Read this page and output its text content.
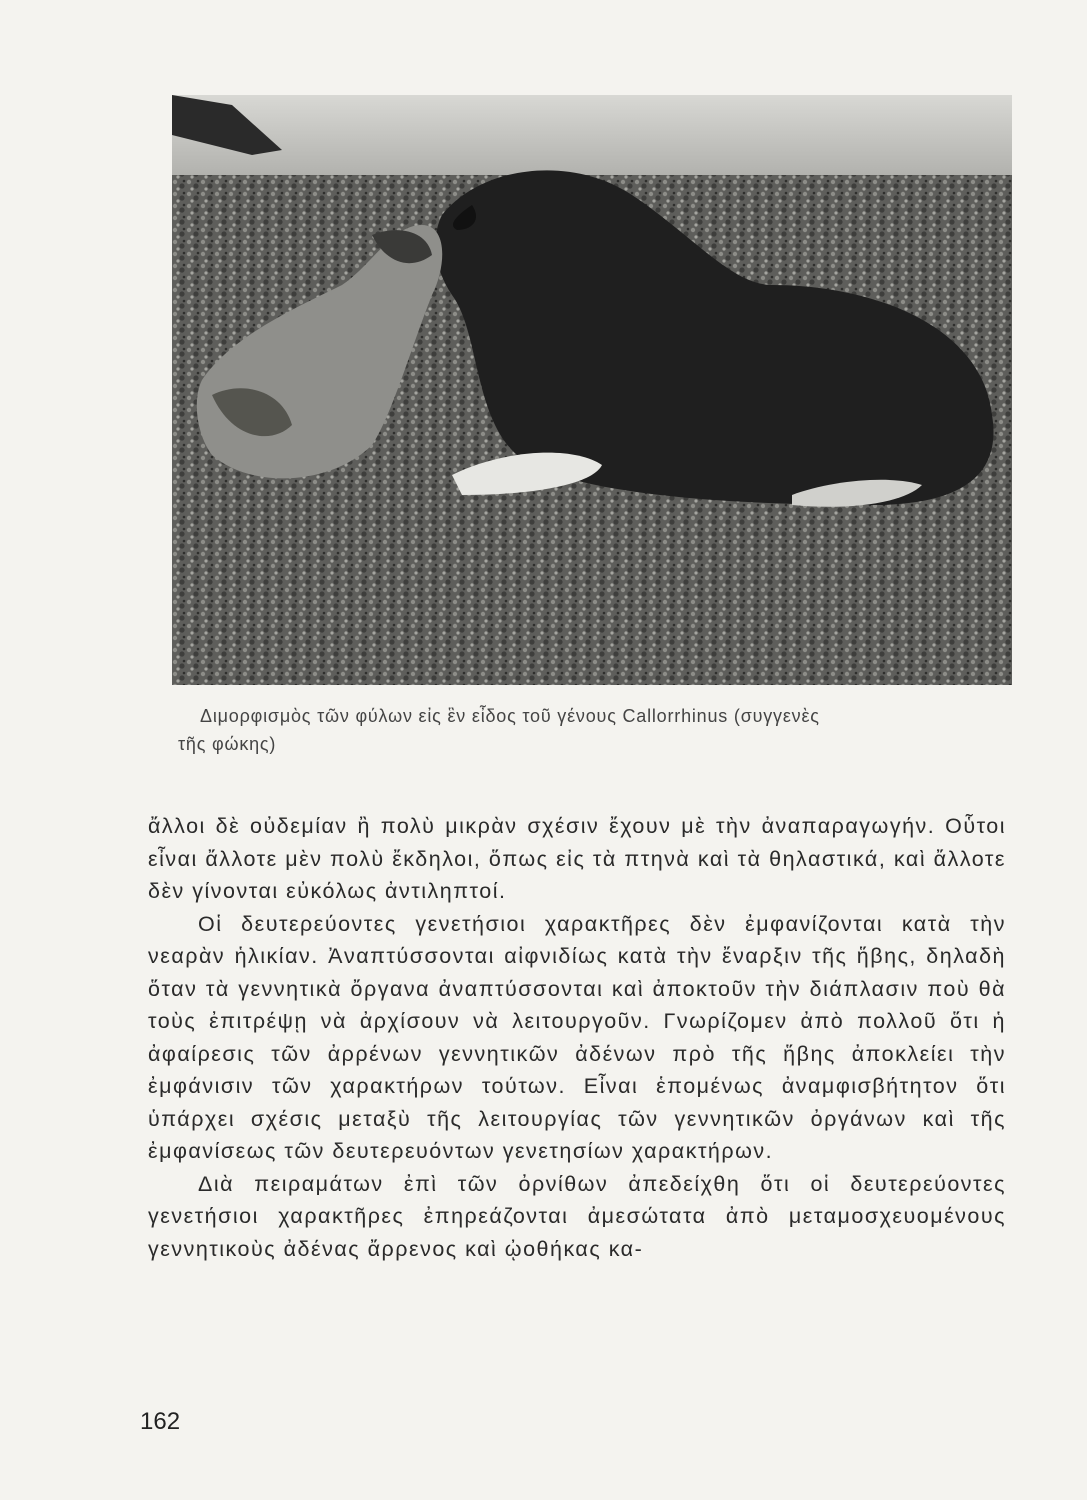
Διμορφισμὸς τῶν φύλων εἰς ἓν εἶδος τοῦ γένους Callorrhinus (συγγενὲς

τῆς φώκης)

ἄλλοι δὲ οὐδεμίαν ἢ πολὺ μικρὰν σχέσιν ἔχουν μὲ τὴν ἀναπαραγωγήν. Οὗτοι εἶναι ἄλλοτε μὲν πολὺ ἔκδηλοι, ὅπως εἰς τὰ πτηνὰ καὶ τὰ θηλαστικά, καὶ ἄλλοτε δὲν γίνονται εὐκόλως ἀντιληπτοί.

Οἱ δευτερεύοντες γενετήσιοι χαρακτῆρες δὲν ἐμφανίζονται κατὰ τὴν νεαρὰν ἡλικίαν. Ἀναπτύσσονται αἰφνιδίως κατὰ τὴν ἔναρξιν τῆς ἥβης, δηλαδὴ ὅταν τὰ γεννητικὰ ὄργανα ἀναπτύσσονται καὶ ἀποκτοῦν τὴν διάπλασιν ποὺ θὰ τοὺς ἐπιτρέψῃ νὰ ἀρχίσουν νὰ λειτουργοῦν. Γνωρίζομεν ἀπὸ πολλοῦ ὅτι ἡ ἀφαίρεσις τῶν ἀρρένων γεννητικῶν ἀδένων πρὸ τῆς ἥβης ἀποκλείει τὴν ἐμφάνισιν τῶν χαρακτήρων τούτων. Εἶναι ἑπομένως ἀναμφισβήτητον ὅτι ὑπάρχει σχέσις μεταξὺ τῆς λειτουργίας τῶν γεννητικῶν ὀργάνων καὶ τῆς ἐμφανίσεως τῶν δευτερευόντων γενετησίων χαρακτήρων.

Διὰ πειραμάτων ἐπὶ τῶν ὀρνίθων ἀπεδείχθη ὅτι οἱ δευτερεύοντες γενετήσιοι χαρακτῆρες ἐπηρεάζονται ἀμεσώτατα ἀπὸ μεταμοσχευομένους γεννητικοὺς ἀδένας ἄρρενος καὶ ᾠοθήκας κα-

162
